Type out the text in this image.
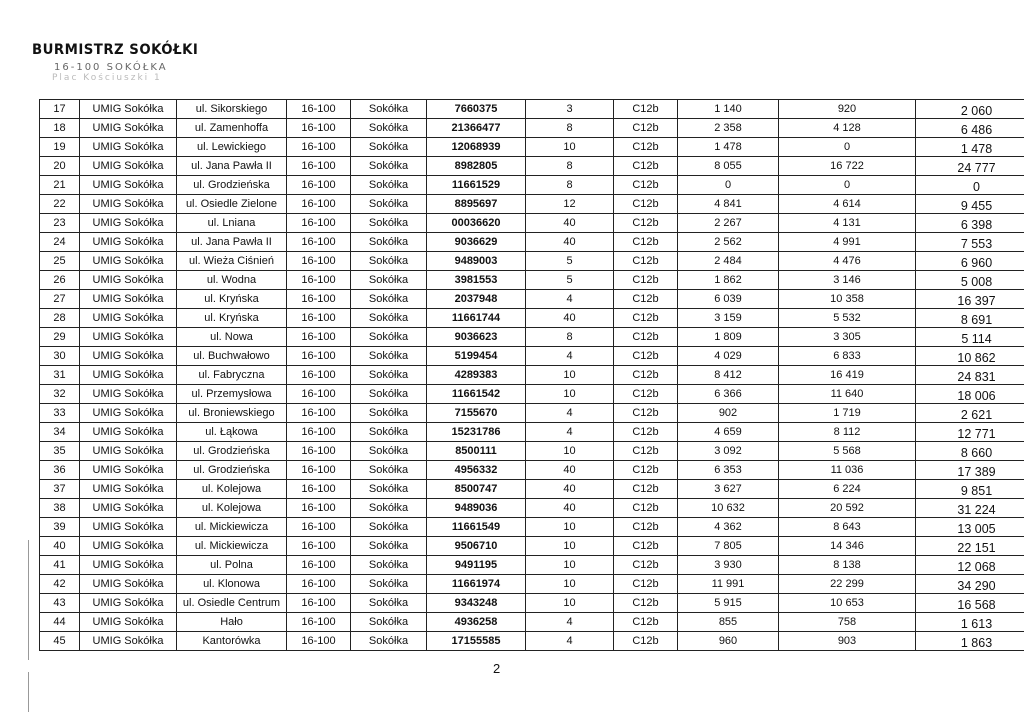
BURMISTRZ SOKÓŁKI
16-100 SOKÓŁKA
Plac Kościuszki 1
17	UMIG Sokółka	ul. Sikorskiego	16-100	Sokółka	7660375	3	C12b	1 140	920	2 060
18	UMIG Sokółka	ul. Zamenhoffa	16-100	Sokółka	21366477	8	C12b	2 358	4 128	6 486
19	UMIG Sokółka	ul. Lewickiego	16-100	Sokółka	12068939	10	C12b	1 478	0	1 478
20	UMIG Sokółka	ul. Jana Pawła II	16-100	Sokółka	8982805	8	C12b	8 055	16 722	24 777
21	UMIG Sokółka	ul. Grodzieńska	16-100	Sokółka	11661529	8	C12b	0	0	0
22	UMIG Sokółka	ul. Osiedle Zielone	16-100	Sokółka	8895697	12	C12b	4 841	4 614	9 455
23	UMIG Sokółka	ul. Lniana	16-100	Sokółka	00036620	40	C12b	2 267	4 131	6 398
24	UMIG Sokółka	ul. Jana Pawła II	16-100	Sokółka	9036629	40	C12b	2 562	4 991	7 553
25	UMIG Sokółka	ul. Wieża Ciśnień	16-100	Sokółka	9489003	5	C12b	2 484	4 476	6 960
26	UMIG Sokółka	ul. Wodna	16-100	Sokółka	3981553	5	C12b	1 862	3 146	5 008
27	UMIG Sokółka	ul. Kryńska	16-100	Sokółka	2037948	4	C12b	6 039	10 358	16 397
28	UMIG Sokółka	ul. Kryńska	16-100	Sokółka	11661744	40	C12b	3 159	5 532	8 691
29	UMIG Sokółka	ul. Nowa	16-100	Sokółka	9036623	8	C12b	1 809	3 305	5 114
30	UMIG Sokółka	ul. Buchwałowo	16-100	Sokółka	5199454	4	C12b	4 029	6 833	10 862
31	UMIG Sokółka	ul. Fabryczna	16-100	Sokółka	4289383	10	C12b	8 412	16 419	24 831
32	UMIG Sokółka	ul. Przemysłowa	16-100	Sokółka	11661542	10	C12b	6 366	11 640	18 006
33	UMIG Sokółka	ul. Broniewskiego	16-100	Sokółka	7155670	4	C12b	902	1 719	2 621
34	UMIG Sokółka	ul. Łąkowa	16-100	Sokółka	15231786	4	C12b	4 659	8 112	12 771
35	UMIG Sokółka	ul. Grodzieńska	16-100	Sokółka	8500111	10	C12b	3 092	5 568	8 660
36	UMIG Sokółka	ul. Grodzieńska	16-100	Sokółka	4956332	40	C12b	6 353	11 036	17 389
37	UMIG Sokółka	ul. Kolejowa	16-100	Sokółka	8500747	40	C12b	3 627	6 224	9 851
38	UMIG Sokółka	ul. Kolejowa	16-100	Sokółka	9489036	40	C12b	10 632	20 592	31 224
39	UMIG Sokółka	ul. Mickiewicza	16-100	Sokółka	11661549	10	C12b	4 362	8 643	13 005
40	UMIG Sokółka	ul. Mickiewicza	16-100	Sokółka	9506710	10	C12b	7 805	14 346	22 151
41	UMIG Sokółka	ul. Polna	16-100	Sokółka	9491195	10	C12b	3 930	8 138	12 068
42	UMIG Sokółka	ul. Klonowa	16-100	Sokółka	11661974	10	C12b	11 991	22 299	34 290
43	UMIG Sokółka	ul. Osiedle Centrum	16-100	Sokółka	9343248	10	C12b	5 915	10 653	16 568
44	UMIG Sokółka	Hało	16-100	Sokółka	4936258	4	C12b	855	758	1 613
45	UMIG Sokółka	Kantorówka	16-100	Sokółka	17155585	4	C12b	960	903	1 863
2
